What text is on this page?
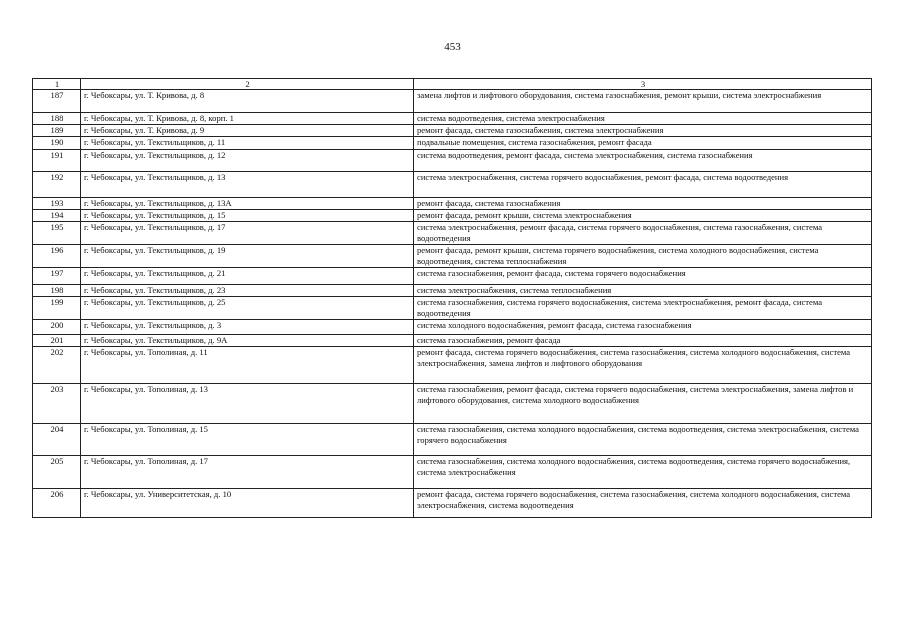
453
1	2	3
187	г. Чебоксары, ул. Т. Кривова, д. 8	замена лифтов и лифтового оборудования, система газоснабжения, ремонт крыши, система электроснабжения
188	г. Чебоксары, ул. Т. Кривова, д. 8, корп. 1	система водоотведения, система электроснабжения
189	г. Чебоксары, ул. Т. Кривова, д. 9	ремонт фасада, система газоснабжения, система электроснабжения
190	г. Чебоксары, ул. Текстильщиков, д. 11	подвальные помещения, система газоснабжения, ремонт фасада
191	г. Чебоксары, ул. Текстильщиков, д. 12	система водоотведения, ремонт фасада, система электроснабжения, система газоснабжения
192	г. Чебоксары, ул. Текстильщиков, д. 13	система электроснабжения, система горячего водоснабжения, ремонт фасада, система водоотведения
193	г. Чебоксары, ул. Текстильщиков, д. 13А	ремонт фасада, система газоснабжения
194	г. Чебоксары, ул. Текстильщиков, д. 15	ремонт фасада, ремонт крыши, система электроснабжения
195	г. Чебоксары, ул. Текстильщиков, д. 17	система электроснабжения, ремонт фасада, система горячего водоснабжения, система газоснабжения, система водоотведения
196	г. Чебоксары, ул. Текстильщиков, д. 19	ремонт фасада, ремонт крыши, система горячего водоснабжения, система холодного водоснабжения, система водоотведения, система теплоснабжения
197	г. Чебоксары, ул. Текстильщиков, д. 21	система газоснабжения, ремонт фасада, система горячего водоснабжения
198	г. Чебоксары, ул. Текстильщиков, д. 23	система электроснабжения, система теплоснабжения
199	г. Чебоксары, ул. Текстильщиков, д. 25	система газоснабжения, система горячего водоснабжения, система электроснабжения, ремонт фасада, система водоотведения
200	г. Чебоксары, ул. Текстильщиков, д. 3	система холодного водоснабжения, ремонт фасада, система газоснабжения
201	г. Чебоксары, ул. Текстильщиков, д. 9А	система газоснабжения, ремонт фасада
202	г. Чебоксары, ул. Тополиная, д. 11	ремонт фасада, система горячего водоснабжения, система газоснабжения, система холодного водоснабжения, система электроснабжения, замена лифтов и лифтового оборудования
203	г. Чебоксары, ул. Тополиная, д. 13	система газоснабжения, ремонт фасада, система горячего водоснабжения, система электроснабжения, замена лифтов и лифтового оборудования, система холодного водоснабжения
204	г. Чебоксары, ул. Тополиная, д. 15	система газоснабжения, система холодного водоснабжения, система водоотведения, система электроснабжения, система горячего водоснабжения
205	г. Чебоксары, ул. Тополиная, д. 17	система газоснабжения, система холодного водоснабжения, система водоотведения, система горячего водоснабжения, система электроснабжения
206	г. Чебоксары, ул. Университетская, д. 10	ремонт фасада, система горячего водоснабжения, система газоснабжения, система холодного водоснабжения, система электроснабжения, система водоотведения
